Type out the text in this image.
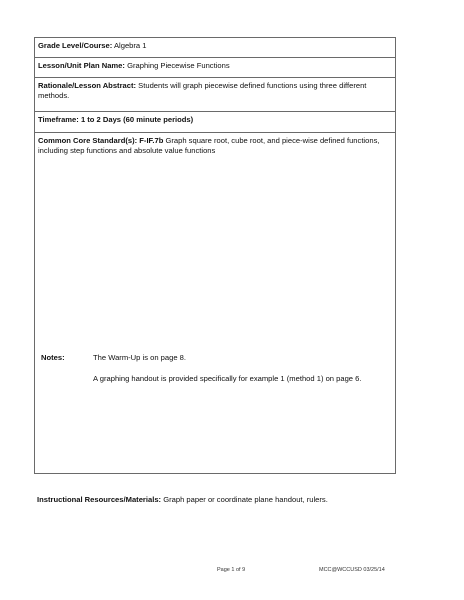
Grade Level/Course: Algebra 1
Lesson/Unit Plan Name: Graphing Piecewise Functions
Rationale/Lesson Abstract: Students will graph piecewise defined functions using three different methods.
Timeframe: 1 to 2 Days (60 minute periods)
Common Core Standard(s): F-IF.7b Graph square root, cube root, and piece-wise defined functions, including step functions and absolute value functions
Notes:	The Warm-Up is on page 8.
A graphing handout is provided specifically for example 1 (method 1) on page 6.
Instructional Resources/Materials: Graph paper or coordinate plane handout, rulers.
Page 1 of 9	MCC@WCCUSD 03/25/14
